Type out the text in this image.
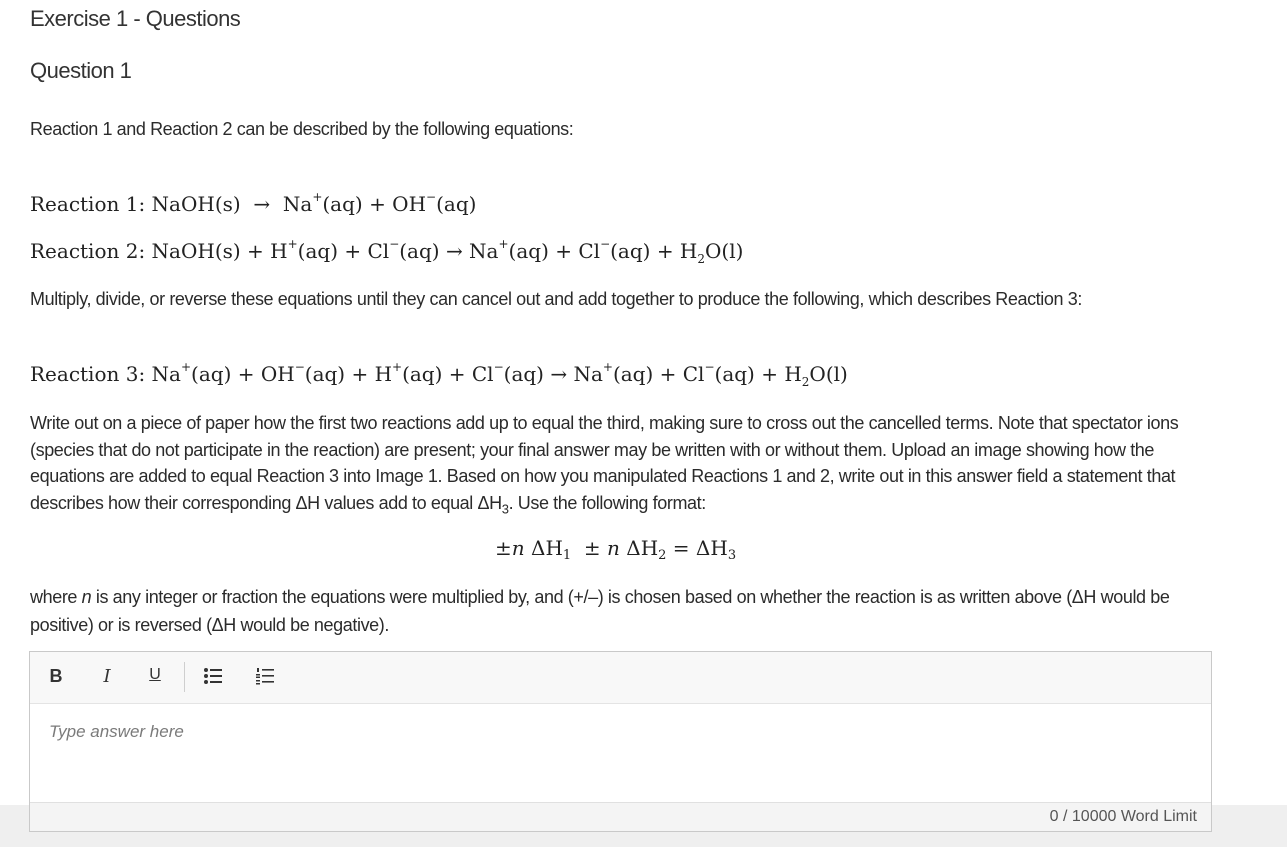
Exercise 1 - Questions
Question 1
Reaction 1 and Reaction 2 can be described by the following equations:
Reaction 1: NaOH(s)  →  Na+(aq) + OH−(aq)
Reaction 2: NaOH(s) + $H^+(aq) + Cl^-(aq) \to Na^+(aq) + Cl^-(aq) + H_2O(l)$
Multiply, divide, or reverse these equations until they can cancel out and add together to produce the following, which describes Reaction 3:
Reaction 3: $Na^+(aq) + OH^-(aq) + H^+(aq) + Cl^-(aq) \to Na^+(aq) + Cl^-(aq) + H_2O(l)$
Write out on a piece of paper how the first two reactions add up to equal the third, making sure to cross out the cancelled terms. Note that spectator ions (species that do not participate in the reaction) are present; your final answer may be written with or without them. Upload an image showing how the equations are added to equal Reaction 3 into Image 1. Based on how you manipulated Reactions 1 and 2, write out in this answer field a statement that describes how their corresponding ΔH values add to equal $\Delta H_3$. Use the following format:
±n $\Delta H_1 \pm n$ $\Delta H_2 = \Delta H_3$
where n is any integer or fraction the equations were multiplied by, and (+/–) is chosen based on whether the reaction is as written above (ΔH would be positive) or is reversed (ΔH would be negative).
B I U
Type answer here
0 / 10000 Word Limit
